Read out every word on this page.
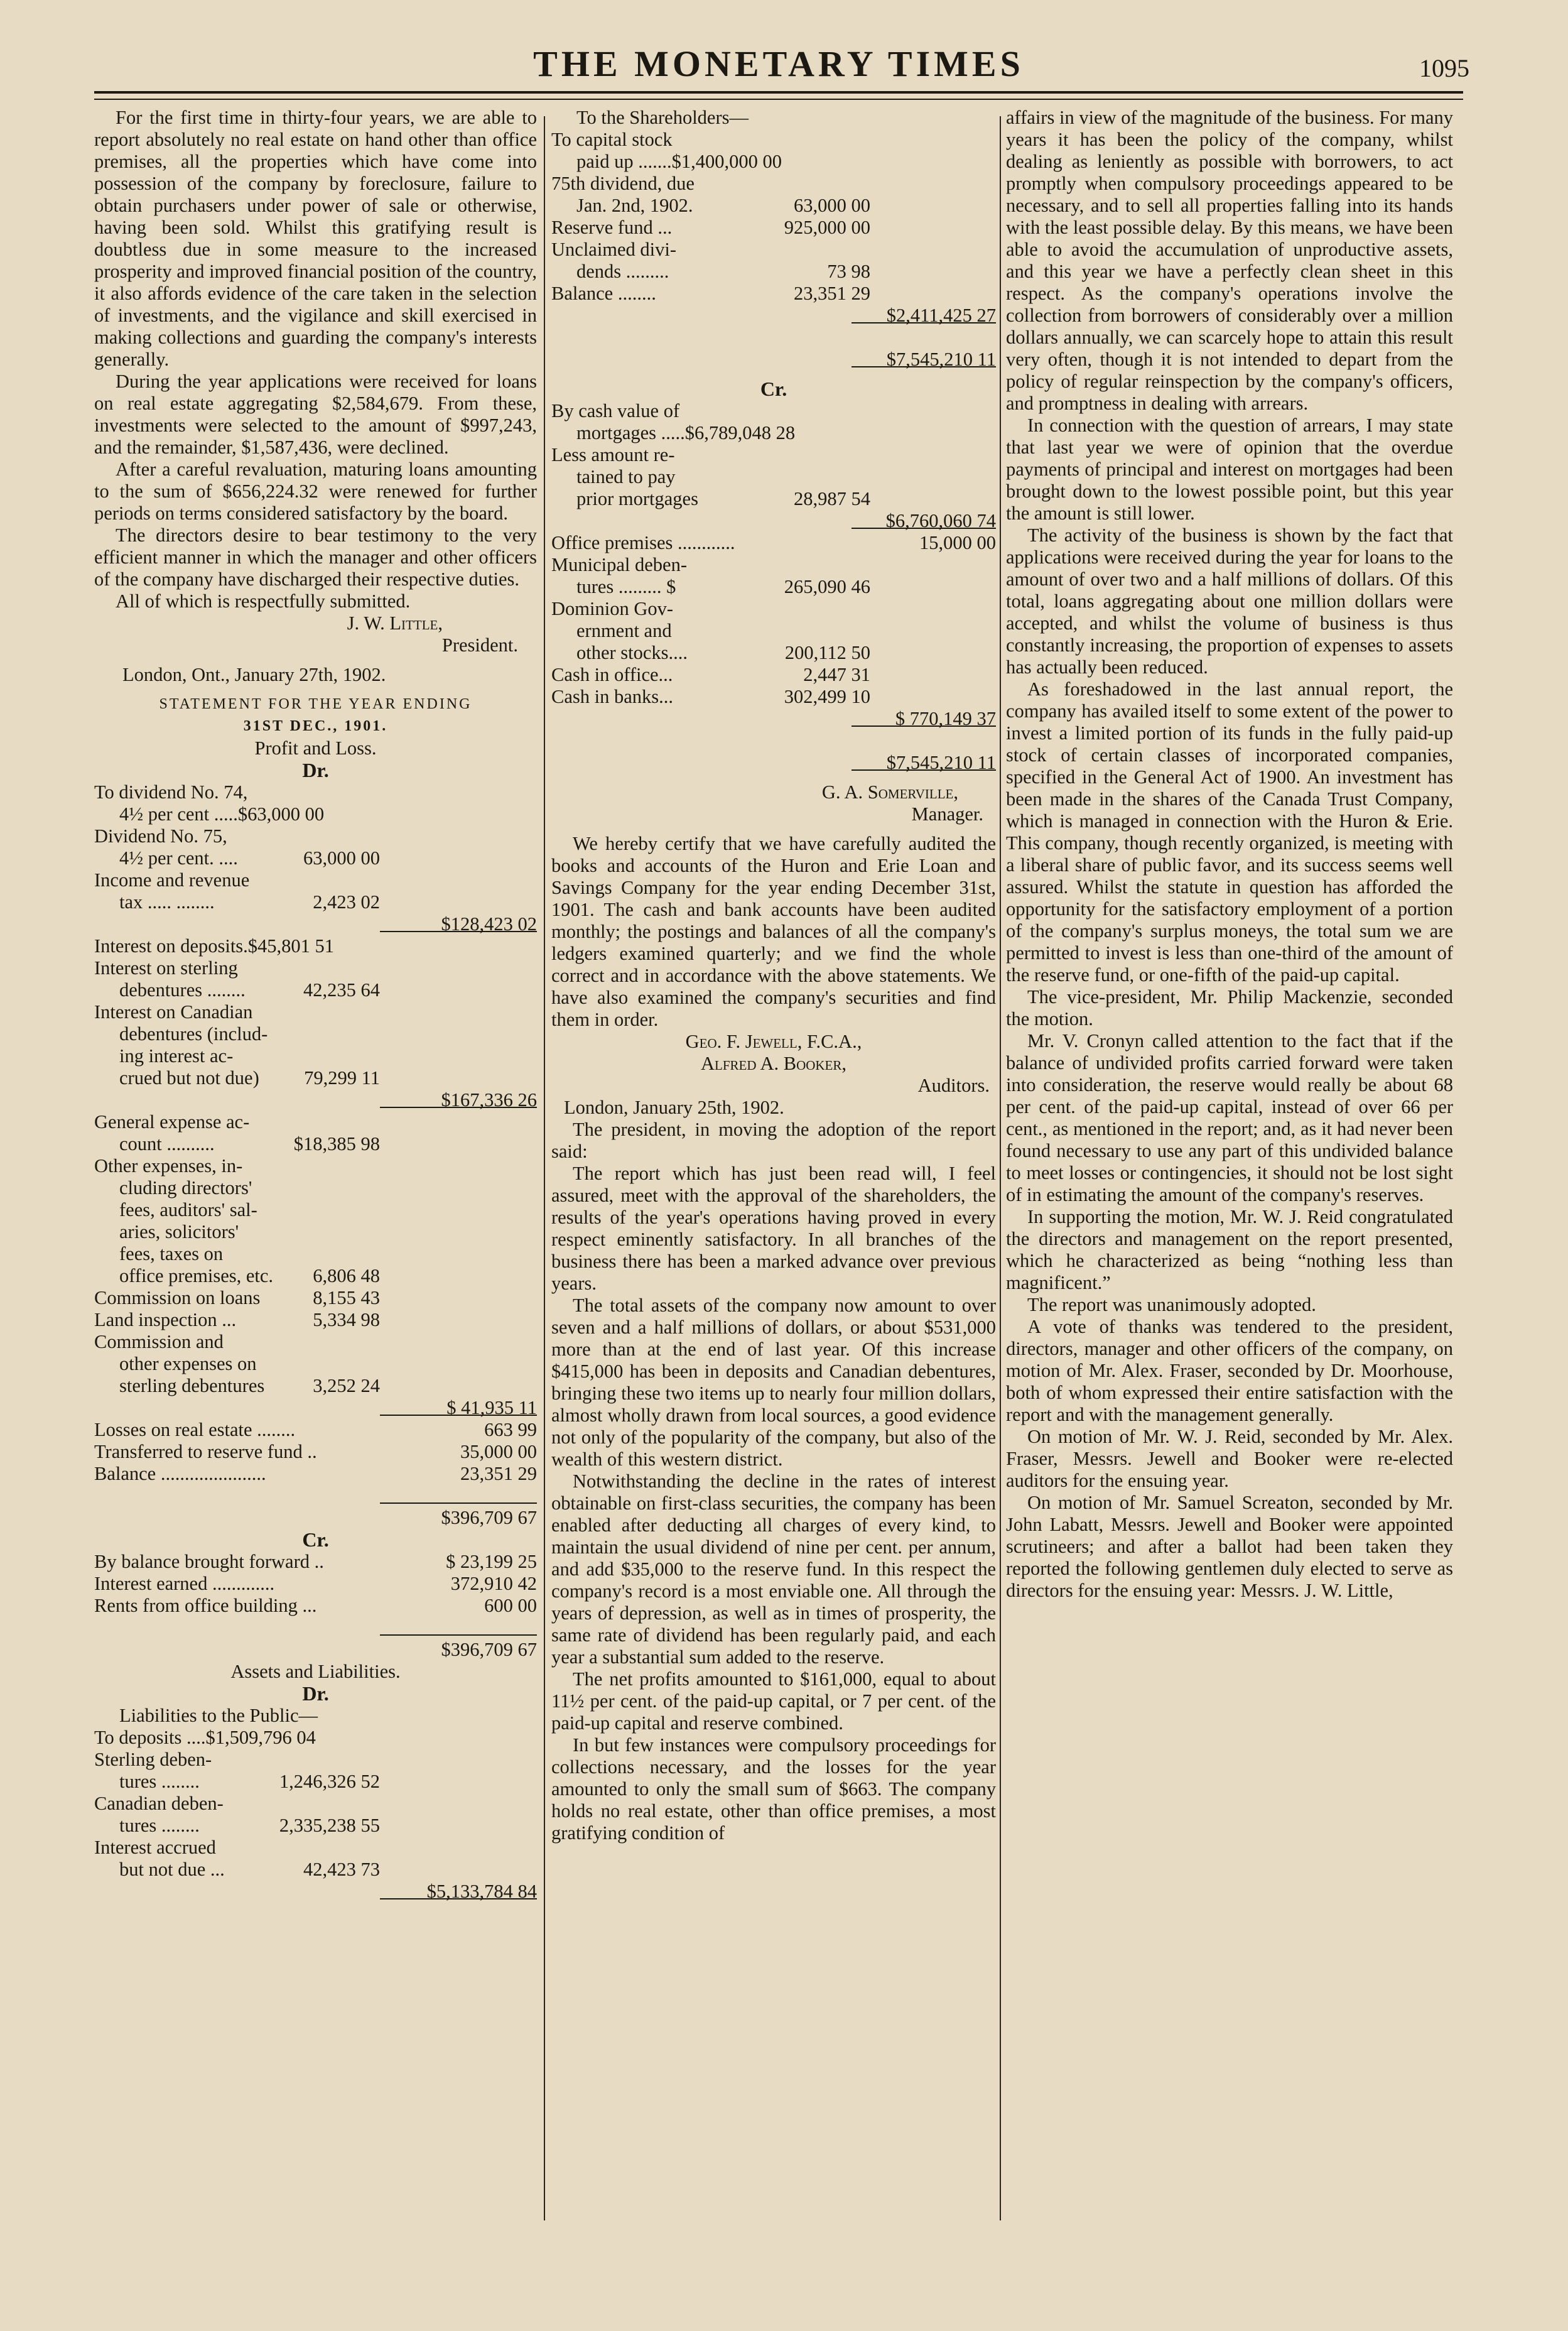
THE MONETARY TIMES	1095

For the first time in thirty-four years, we are able to report absolutely no real estate on hand other than office premises, all the properties which have come into possession of the company by foreclosure, failure to obtain purchasers under power of sale or otherwise, having been sold. Whilst this gratifying result is doubtless due in some measure to the increased prosperity and improved financial position of the country, it also affords evidence of the care taken in the selection of investments, and the vigilance and skill exercised in making collections and guarding the company's interests generally.

During the year applications were received for loans on real estate aggregating $2,584,679. From these, investments were selected to the amount of $997,243, and the remainder, $1,587,436, were declined.

After a careful revaluation, maturing loans amounting to the sum of $656,224.32 were renewed for further periods on terms considered satisfactory by the board.

The directors desire to bear testimony to the very efficient manner in which the manager and other officers of the company have discharged their respective duties.

All of which is respectfully submitted.

J. W. Little,
President.
London, Ont., January 27th, 1902.
STATEMENT FOR THE YEAR ENDING
31ST DEC., 1901.
Profit and Loss.
Dr.
To dividend No. 74,
4½ per cent .....$63,000 00
Dividend No. 75,
4½ per cent. ....	63,000 00
Income and revenue
tax ..... ........	2,423 02
$128,423 02
Interest on deposits.$45,801 51
Interest on sterling
debentures ........	42,235 64
Interest on Canadian
debentures (includ-
ing interest ac-
crued but not due) 79,299 11
$167,336 26
General expense ac-
count ..........	$18,385 98
Other expenses, in-
cluding directors'
fees, auditors' sal-
aries, solicitors'
fees, taxes on
office premises, etc. 6,806 48
Commission on loans	8,155 43
Land inspection ...	5,334 98
Commission and
other expenses on
sterling debentures	3,252 24
$ 41,935 11
Losses on real estate ........	663 99
Transferred to reserve fund ..	35,000 00
Balance ......................	23,351 29
$396,709 67
Cr.
By balance brought forward ..	$ 23,199 25
Interest earned .............	372,910 42
Rents from office building ...	600 00
$396,709 67
Assets and Liabilities.
Dr.
Liabilities to the Public—
To deposits ....$1,509,796 04
Sterling deben-
tures ........	1,246,326 52
Canadian deben-
tures ........	2,335,238 55
Interest accrued
but not due ...	42,423 73
$5,133,784 84
To the Shareholders—
To capital stock
paid up .......$1,400,000 00
75th dividend, due
Jan. 2nd, 1902.	63,000 00
Reserve fund ...	925,000 00
Unclaimed divi-
dends .........	73 98
Balance ........	23,351 29
$2,411,425 27
$7,545,210 11
Cr.
By cash value of
mortgages .....$6,789,048 28
Less amount re-
tained to pay
prior mortgages	28,987 54
$6,760,060 74
Office premises ............	15,000 00
Municipal deben-
tures ......... $	265,090 46
Dominion Gov-
ernment and
other stocks....	200,112 50
Cash in office...	2,447 31
Cash in banks...	302,499 10
$ 770,149 37
$7,545,210 11
G. A. Somerville,
Manager.

We hereby certify that we have carefully audited the books and accounts of the Huron and Erie Loan and Savings Company for the year ending December 31st, 1901. The cash and bank accounts have been audited monthly; the postings and balances of all the company's ledgers examined quarterly; and we find the whole correct and in accordance with the above statements. We have also examined the company's securities and find them in order.

Geo. F. Jewell, F.C.A.,
Alfred A. Booker,
Auditors.
London, January 25th, 1902.

The president, in moving the adoption of the report said:

The report which has just been read will, I feel assured, meet with the approval of the shareholders, the results of the year's operations having proved in every respect eminently satisfactory. In all branches of the business there has been a marked advance over previous years.

The total assets of the company now amount to over seven and a half millions of dollars, or about $531,000 more than at the end of last year. Of this increase $415,000 has been in deposits and Canadian debentures, bringing these two items up to nearly four million dollars, almost wholly drawn from local sources, a good evidence not only of the popularity of the company, but also of the wealth of this western district.

Notwithstanding the decline in the rates of interest obtainable on first-class securities, the company has been enabled after deducting all charges of every kind, to maintain the usual dividend of nine per cent. per annum, and add $35,000 to the reserve fund. In this respect the company's record is a most enviable one. All through the years of depression, as well as in times of prosperity, the same rate of dividend has been regularly paid, and each year a substantial sum added to the reserve.

The net profits amounted to $161,000, equal to about 11½ per cent. of the paid-up capital, or 7 per cent. of the paid-up capital and reserve combined.

In but few instances were compulsory proceedings for collections necessary, and the losses for the year amounted to only the small sum of $663. The company holds no real estate, other than office premises, a most gratifying condition of

affairs in view of the magnitude of the business. For many years it has been the policy of the company, whilst dealing as leniently as possible with borrowers, to act promptly when compulsory proceedings appeared to be necessary, and to sell all properties falling into its hands with the least possible delay. By this means, we have been able to avoid the accumulation of unproductive assets, and this year we have a perfectly clean sheet in this respect. As the company's operations involve the collection from borrowers of considerably over a million dollars annually, we can scarcely hope to attain this result very often, though it is not intended to depart from the policy of regular reinspection by the company's officers, and promptness in dealing with arrears.

In connection with the question of arrears, I may state that last year we were of opinion that the overdue payments of principal and interest on mortgages had been brought down to the lowest possible point, but this year the amount is still lower.

The activity of the business is shown by the fact that applications were received during the year for loans to the amount of over two and a half millions of dollars. Of this total, loans aggregating about one million dollars were accepted, and whilst the volume of business is thus constantly increasing, the proportion of expenses to assets has actually been reduced.

As foreshadowed in the last annual report, the company has availed itself to some extent of the power to invest a limited portion of its funds in the fully paid-up stock of certain classes of incorporated companies, specified in the General Act of 1900. An investment has been made in the shares of the Canada Trust Company, which is managed in connection with the Huron & Erie. This company, though recently organized, is meeting with a liberal share of public favor, and its success seems well assured. Whilst the statute in question has afforded the opportunity for the satisfactory employment of a portion of the company's surplus moneys, the total sum we are permitted to invest is less than one-third of the amount of the reserve fund, or one-fifth of the paid-up capital.

The vice-president, Mr. Philip Mackenzie, seconded the motion.

Mr. V. Cronyn called attention to the fact that if the balance of undivided profits carried forward were taken into consideration, the reserve would really be about 68 per cent. of the paid-up capital, instead of over 66 per cent., as mentioned in the report; and, as it had never been found necessary to use any part of this undivided balance to meet losses or contingencies, it should not be lost sight of in estimating the amount of the company's reserves.

In supporting the motion, Mr. W. J. Reid congratulated the directors and management on the report presented, which he characterized as being “nothing less than magnificent.”

The report was unanimously adopted.

A vote of thanks was tendered to the president, directors, manager and other officers of the company, on motion of Mr. Alex. Fraser, seconded by Dr. Moorhouse, both of whom expressed their entire satisfaction with the report and with the management generally.

On motion of Mr. W. J. Reid, seconded by Mr. Alex. Fraser, Messrs. Jewell and Booker were re-elected auditors for the ensuing year.

On motion of Mr. Samuel Screaton, seconded by Mr. John Labatt, Messrs. Jewell and Booker were appointed scrutineers; and after a ballot had been taken they reported the following gentlemen duly elected to serve as directors for the ensuing year: Messrs. J. W. Little,
